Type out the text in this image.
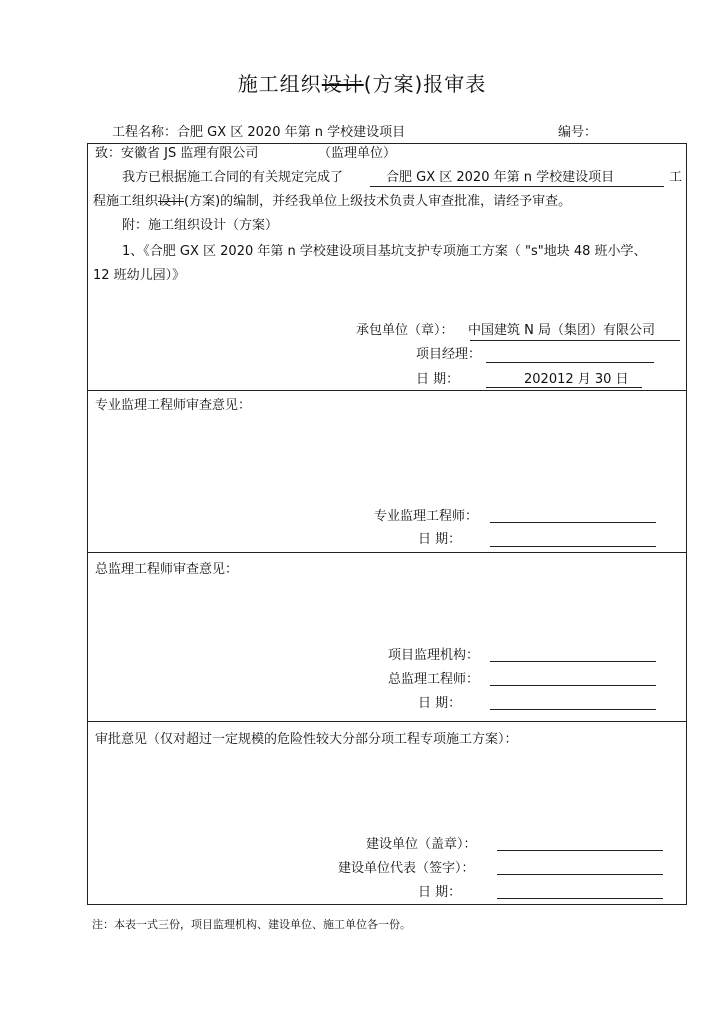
施工组织设计(方案)报审表
工程名称：合肥 GX 区 2020 年第 n 学校建设项目	编号：
致：安徽省 JS 监理有限公司	（监理单位）
我方已根据施工合同的有关规定完成了	合肥 GX 区 2020 年第 n 学校建设项目	工
程施工组织设计(方案)的编制，并经我单位上级技术负责人审查批准，请经予审查。
附：施工组织设计（方案）
1、《合肥 GX 区 2020 年第 n 学校建设项目基坑支护专项施工方案（ "s"地块 48 班小学、
12 班幼儿园）》
承包单位（章）： 中国建筑 N 局（集团）有限公司
项目经理：
日 期：	202012 月 30 日
专业监理工程师审查意见：
专业监理工程师：
日 期：
总监理工程师审查意见：
项目监理机构：
总监理工程师：
日 期：
审批意见（仅对超过一定规模的危险性较大分部分项工程专项施工方案）：
建设单位（盖章）：
建设单位代表（签字）：
日 期：
注：本表一式三份，项目监理机构、建设单位、施工单位各一份。
